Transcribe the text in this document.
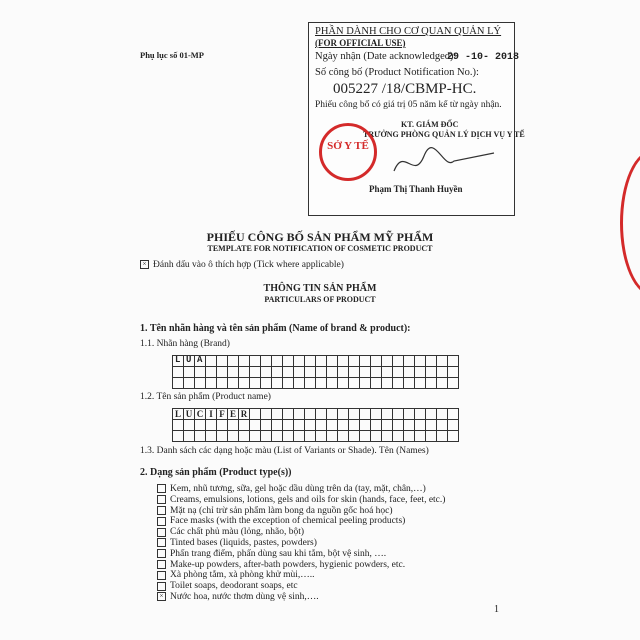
Phụ lục số 01-MP
PHẦN DÀNH CHO CƠ QUAN QUẢN LÝ
(FOR OFFICIAL USE)
Ngày nhận (Date acknowledged):
29 -10- 2018
Số công bố (Product Notification No.):
005227 /18/CBMP-HC.
Phiếu công bố có giá trị 05 năm kể từ ngày nhận.
KT. GIÁM ĐỐC
TRƯỞNG PHÒNG QUẢN LÝ DỊCH VỤ Y TẾ
SỞ Y TẾ
Phạm Thị Thanh Huyền
PHIẾU CÔNG BỐ SẢN PHẨM MỸ PHẨM
TEMPLATE FOR NOTIFICATION OF COSMETIC PRODUCT
× Đánh dấu vào ô thích hợp (Tick where applicable)
THÔNG TIN SẢN PHẨM
PARTICULARS OF PRODUCT
1. Tên nhãn hàng và tên sản phẩm (Name of brand & product):
1.1. Nhãn hàng (Brand)

LUA
1.2. Tên sản phẩm (Product name)
L	U	C	I	F	E	R																			

1.3. Danh sách các dạng hoặc màu (List of Variants or Shade). Tên (Names)
2. Dạng sản phẩm (Product type(s))
Kem, nhũ tương, sữa, gel hoặc dầu dùng trên da (tay, mặt, chân,…)
Creams, emulsions, lotions, gels and oils for skin (hands, face, feet, etc.)
Mặt nạ (chỉ trừ sản phẩm làm bong da nguồn gốc hoá học)
Face masks (with the exception of chemical peeling products)
Các chất phủ màu (lỏng, nhão, bột)
Tinted bases (liquids, pastes, powders)
Phấn trang điểm, phấn dùng sau khi tắm, bột vệ sinh, ….
Make-up powders, after-bath powders, hygienic powders, etc.
Xà phòng tắm, xà phòng khử mùi,…..
Toilet soaps, deodorant soaps, etc
× Nước hoa, nước thơm dùng vệ sinh,….
1
